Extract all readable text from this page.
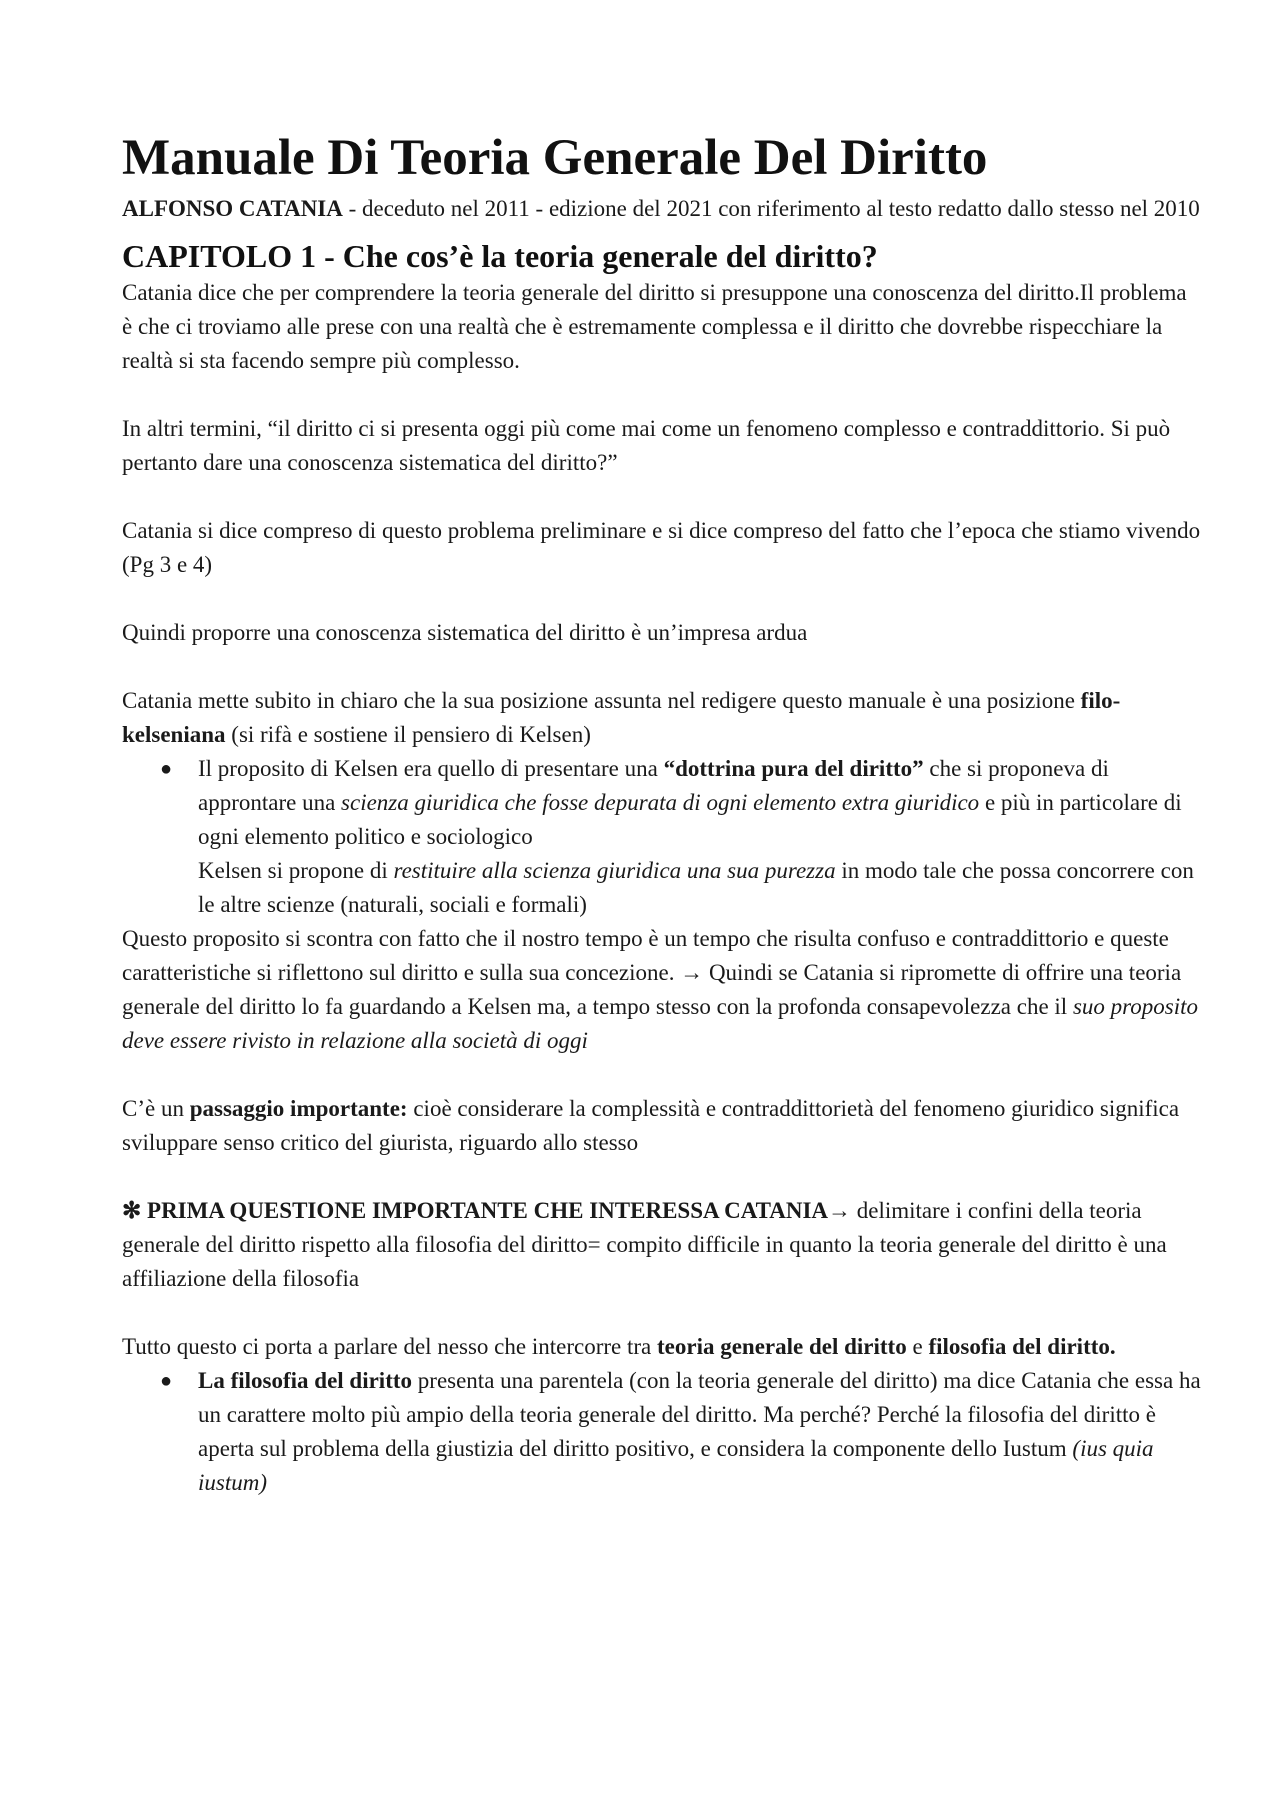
Manuale Di Teoria Generale Del Diritto

ALFONSO CATANIA - deceduto nel 2011 - edizione del 2021 con riferimento al testo redatto dallo stesso nel 2010

CAPITOLO 1 - Che cos’è la teoria generale del diritto?

Catania dice che per comprendere la teoria generale del diritto si presuppone una conoscenza del diritto.Il problema è che ci troviamo alle prese con una realtà che è estremamente complessa e il diritto che dovrebbe rispecchiare la realtà si sta facendo sempre più complesso.

In altri termini, “il diritto ci si presenta oggi più come mai come un fenomeno complesso e contraddittorio. Si può pertanto dare una conoscenza sistematica del diritto?”

Catania si dice compreso di questo problema preliminare e si dice compreso del fatto che l’epoca che stiamo vivendo

(Pg 3 e 4)

Quindi proporre una conoscenza sistematica del diritto è un’impresa ardua

Catania mette subito in chiaro che la sua posizione assunta nel redigere questo manuale è una posizione filo-kelseniana (si rifà e sostiene il pensiero di Kelsen)

● Il proposito di Kelsen era quello di presentare una “dottrina pura del diritto” che si proponeva di approntare una scienza giuridica che fosse depurata di ogni elemento extra giuridico e più in particolare di ogni elemento politico e sociologico
Kelsen si propone di restituire alla scienza giuridica una sua purezza in modo tale che possa concorrere con le altre scienze (naturali, sociali e formali)

Questo proposito si scontra con fatto che il nostro tempo è un tempo che risulta confuso e contraddittorio e queste caratteristiche si riflettono sul diritto e sulla sua concezione. → Quindi se Catania si ripromette di offrire una teoria generale del diritto lo fa guardando a Kelsen ma, a tempo stesso con la profonda consapevolezza che il suo proposito deve essere rivisto in relazione alla società di oggi

C’è un passaggio importante: cioè considerare la complessità e contraddittorietà del fenomeno giuridico significa sviluppare senso critico del giurista, riguardo allo stesso

✻ PRIMA QUESTIONE IMPORTANTE CHE INTERESSA CATANIA→ delimitare i confini della teoria generale del diritto rispetto alla filosofia del diritto= compito difficile in quanto la teoria generale del diritto è una affiliazione della filosofia

Tutto questo ci porta a parlare del nesso che intercorre tra teoria generale del diritto e filosofia del diritto.

● La filosofia del diritto presenta una parentela (con la teoria generale del diritto) ma dice Catania che essa ha un carattere molto più ampio della teoria generale del diritto. Ma perché? Perché la filosofia del diritto è aperta sul problema della giustizia del diritto positivo, e considera la componente dello Iustum (ius quia iustum)
